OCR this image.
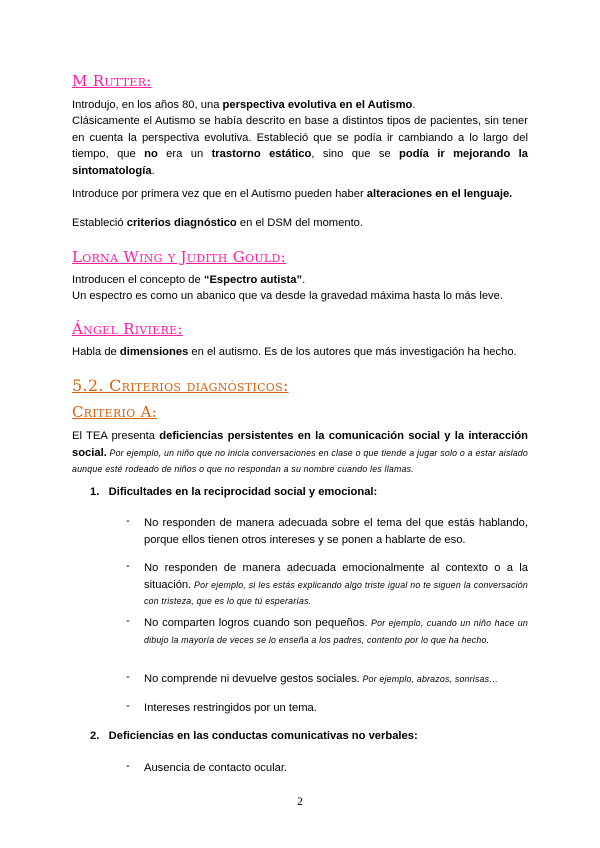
M Rutter:
Introdujo, en los años 80, una perspectiva evolutiva en el Autismo.
Clásicamente el Autismo se había descrito en base a distintos tipos de pacientes, sin tener en cuenta la perspectiva evolutiva. Estableció que se podía ir cambiando a lo largo del tiempo, que no era un trastorno estático, sino que se podía ir mejorando la sintomatología.
Introduce por primera vez que en el Autismo pueden haber alteraciones en el lenguaje.
Estableció criterios diagnóstico en el DSM del momento.
Lorna Wing y Judith Gould:
Introducen el concepto de “Espectro autista”.
Un espectro es como un abanico que va desde la gravedad máxima hasta lo más leve.
Ángel Riviere:
Habla de dimensiones en el autismo. Es de los autores que más investigación ha hecho.
5.2. Criterios diagnósticos:
Criterio A:
El TEA presenta deficiencias persistentes en la comunicación social y la interacción social. Por ejemplo, un niño que no inicia conversaciones en clase o que tiende a jugar solo o a estar aislado aunque esté rodeado de niños o que no respondan a su nombre cuando les llamas.
1. Dificultades en la reciprocidad social y emocional:
- No responden de manera adecuada sobre el tema del que estás hablando, porque ellos tienen otros intereses y se ponen a hablarte de eso.
- No responden de manera adecuada emocionalmente al contexto o a la situación. Por ejemplo, si les estás explicando algo triste igual no te siguen la conversación con tristeza, que es lo que tú esperarías.
- No comparten logros cuando son pequeños. Por ejemplo, cuando un niño hace un dibujo la mayoría de veces se lo enseña a los padres, contento por lo que ha hecho.
- No comprende ni devuelve gestos sociales. Por ejemplo, abrazos, sonrisas…
- Intereses restringidos por un tema.
2. Deficiencias en las conductas comunicativas no verbales:
- Ausencia de contacto ocular.
2
